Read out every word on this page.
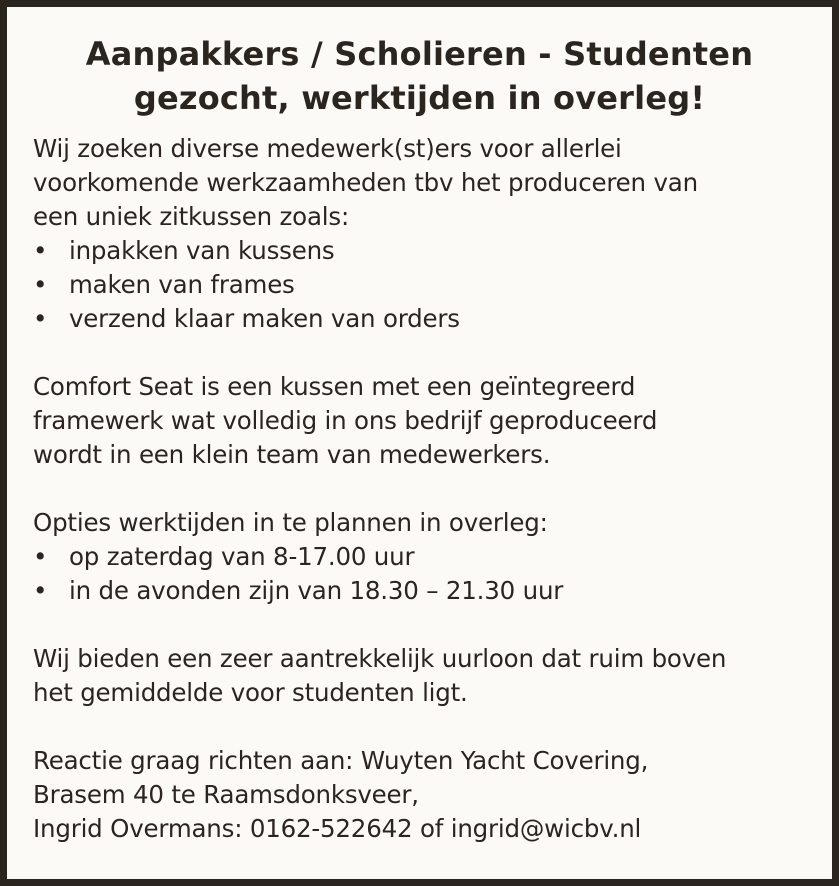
Aanpakkers / Scholieren - Studenten
gezocht, werktijden in overleg!
Wij zoeken diverse medewerk(st)ers voor allerlei
voorkomende werkzaamheden tbv het produceren van
een uniek zitkussen zoals:
• inpakken van kussens
• maken van frames
• verzend klaar maken van orders
Comfort Seat is een kussen met een geïntegreerd
framewerk wat volledig in ons bedrijf geproduceerd
wordt in een klein team van medewerkers.
Opties werktijden in te plannen in overleg:
• op zaterdag van 8-17.00 uur
• in de avonden zijn van 18.30 – 21.30 uur
Wij bieden een zeer aantrekkelijk uurloon dat ruim boven
het gemiddelde voor studenten ligt.
Reactie graag richten aan: Wuyten Yacht Covering,
Brasem 40 te Raamsdonksveer,
Ingrid Overmans: 0162-522642 of ingrid@wicbv.nl
